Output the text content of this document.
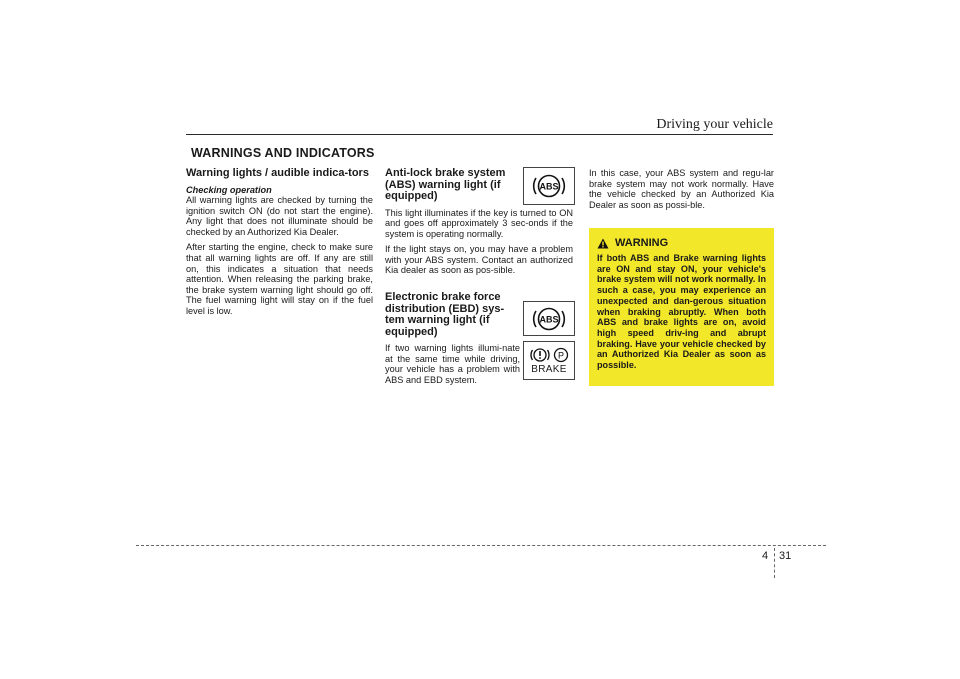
Driving your vehicle
WARNINGS AND INDICATORS
Warning lights / audible indica-tors
Checking operation

All warning lights are checked by turning the ignition switch ON (do not start the engine). Any light that does not illuminate should be checked by an Authorized Kia Dealer.

After starting the engine, check to make sure that all warning lights are off. If any are still on, this indicates a situation that needs attention. When releasing the parking brake, the brake system warning light should go off. The fuel warning light will stay on if the fuel level is low.

Anti-lock brake system (ABS) warning light (if equipped)

This light illuminates if the key is turned to ON and goes off approximately 3 sec-onds if the system is operating normally.

If the light stays on, you may have a problem with your ABS system. Contact an authorized Kia dealer as soon as pos-sible.

Electronic brake force distribution (EBD) sys-tem warning light (if equipped)

If two warning lights illumi-nate at the same time while driving, your vehicle has a problem with ABS and EBD system.

ABS
ABS
P
BRAKE

In this case, your ABS system and regu-lar brake system may not work normally. Have the vehicle checked by an Authorized Kia Dealer as soon as possi-ble.

WARNING

If both ABS and Brake warning lights are ON and stay ON, your vehicle's brake system will not work normally. In such a case, you may experience an unexpected and dan-gerous situation when braking abruptly. When both ABS and brake lights are on, avoid high speed driv-ing and abrupt braking. Have your vehicle checked by an Authorized Kia Dealer as soon as possible.

4 31
